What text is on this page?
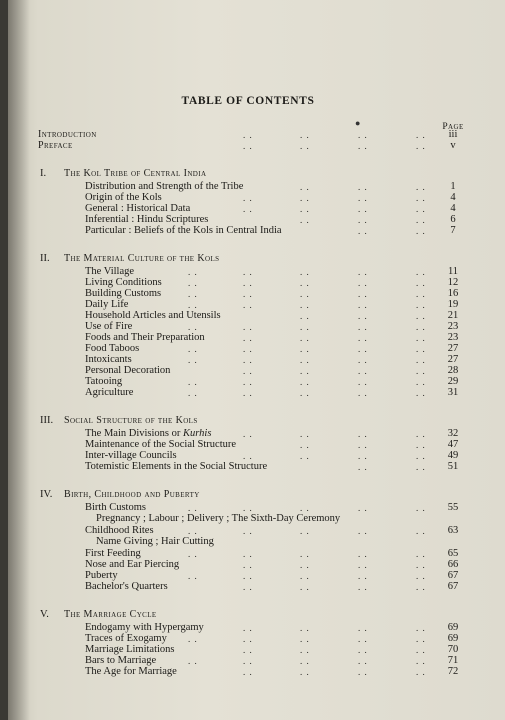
TABLE OF CONTENTS
Page
Introduction	. .	. .	. .	. .	iii
Preface	. .	. .	. .	. .	v
I. The Kol Tribe of Central India
Distribution and Strength of the Tribe	. .	. .	. .	1
Origin of the Kols	. .	. .	. .	. .	4
General : Historical Data	. .	. .	. .	. .	4
Inferential : Hindu Scriptures	. .	. .	. .	6
Particular : Beliefs of the Kols in Central India	. .	. .	7
II. The Material Culture of the Kols
The Village	. .	. .	. .	. .	. .	11
Living Conditions	. .	. .	. .	. .	. .	12
Building Customs	. .	. .	. .	. .	. .	16
Daily Life	. .	. .	. .	. .	. .	19
Household Articles and Utensils	. .	. .	. .	21
Use of Fire	. .	. .	. .	. .	. .	23
Foods and Their Preparation	. .	. .	. .	. .	23
Food Taboos	. .	. .	. .	. .	. .	27
Intoxicants	. .	. .	. .	. .	. .	27
Personal Decoration	. .	. .	. .	. .	28
Tatooing	. .	. .	. .	. .	. .	29
Agriculture	. .	. .	. .	. .	. .	31
III. Social Structure of the Kols
The Main Divisions or Kurhis	. .	. .	. .	. .	32
Maintenance of the Social Structure	. .	. .	. .	47
Inter-village Councils	. .	. .	. .	. .	49
Totemistic Elements in the Social Structure	. .	. .	51
IV. Birth, Childhood and Puberty
Birth Customs	. .	. .	. .	. .	. .	55
Pregnancy ; Labour ; Delivery ; The Sixth-Day Ceremony
Childhood Rites	. .	. .	. .	. .	. .	63
Name Giving ; Hair Cutting
First Feeding	. .	. .	. .	. .	. .	65
Nose and Ear Piercing	. .	. .	. .	. .	66
Puberty	. .	. .	. .	. .	. .	67
Bachelor's Quarters	. .	. .	. .	. .	67
V. The Marriage Cycle
Endogamy with Hypergamy	. .	. .	. .	. .	69
Traces of Exogamy . .	. .	. .	. .	. .	69
Marriage Limitations	. .	. .	. .	. .	70
Bars to Marriage	. .	. .	. .	. .	. .	71
The Age for Marriage	. .	. .	. .	. .	72
●
